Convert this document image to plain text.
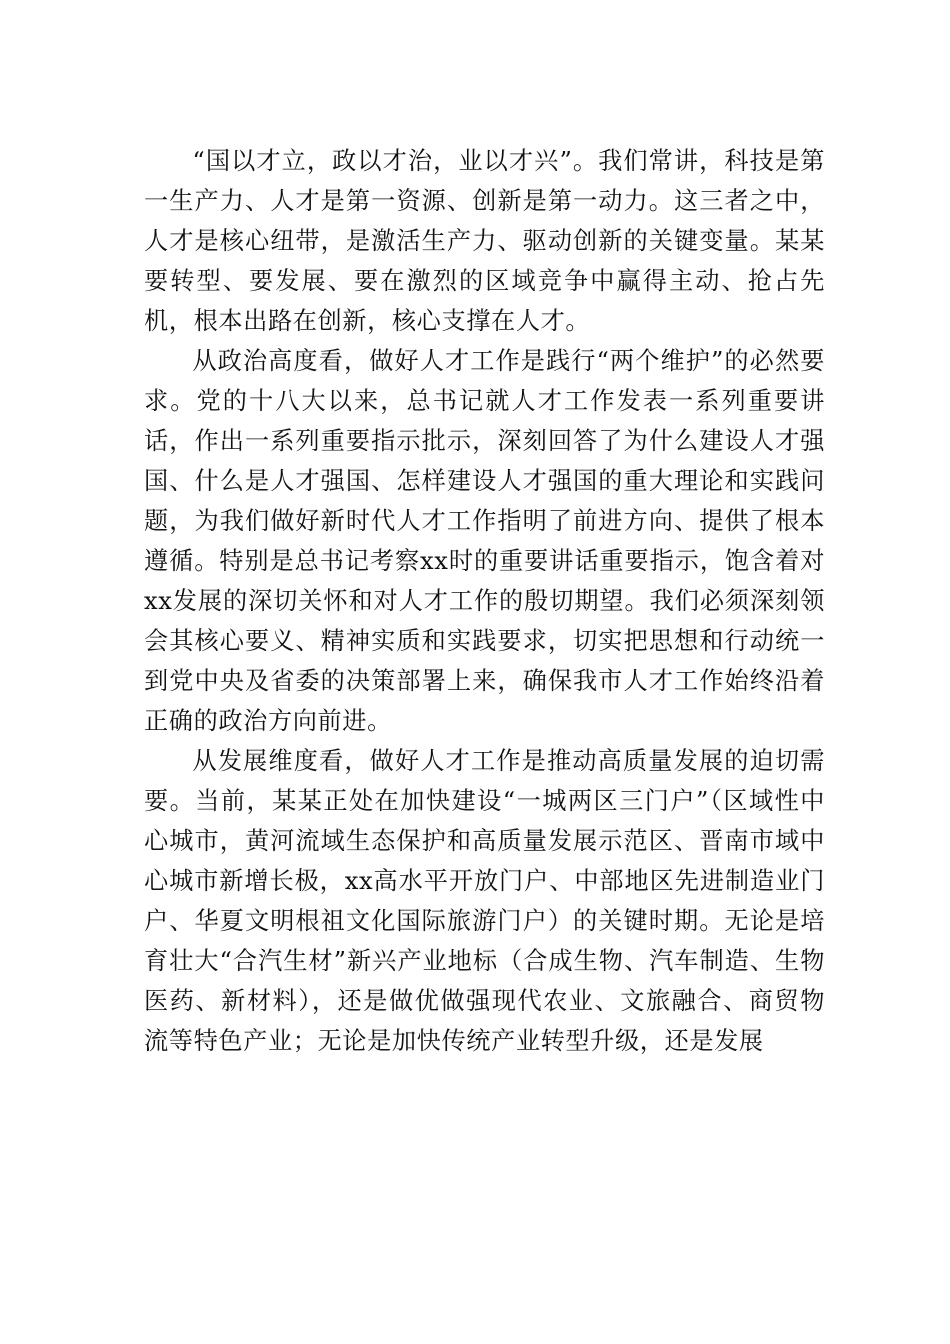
“国以才立，政以才治，业以才兴”。我们常讲，科技是第一生产力、人才是第一资源、创新是第一动力。这三者之中，人才是核心纽带，是激活生产力、驱动创新的关键变量。某某要转型、要发展、要在激烈的区域竞争中赢得主动、抢占先机，根本出路在创新，核心支撑在人才。

从政治高度看，做好人才工作是践行“两个维护”的必然要求。党的十八大以来，总书记就人才工作发表一系列重要讲话，作出一系列重要指示批示，深刻回答了为什么建设人才强国、什么是人才强国、怎样建设人才强国的重大理论和实践问题，为我们做好新时代人才工作指明了前进方向、提供了根本遵循。特别是总书记考察xx时的重要讲话重要指示，饱含着对xx发展的深切关怀和对人才工作的殷切期望。我们必须深刻领会其核心要义、精神实质和实践要求，切实把思想和行动统一到党中央及省委的决策部署上来，确保我市人才工作始终沿着正确的政治方向前进。

从发展维度看，做好人才工作是推动高质量发展的迫切需要。当前，某某正处在加快建设“一城两区三门户”（区域性中心城市，黄河流域生态保护和高质量发展示范区、晋南市域中心城市新增长极，xx高水平开放门户、中部地区先进制造业门户、华夏文明根祖文化国际旅游门户）的关键时期。无论是培育壮大“合汽生材”新兴产业地标（合成生物、汽车制造、生物医药、新材料），还是做优做强现代农业、文旅融合、商贸物流等特色产业；无论是加快传统产业转型升级，还是发展
